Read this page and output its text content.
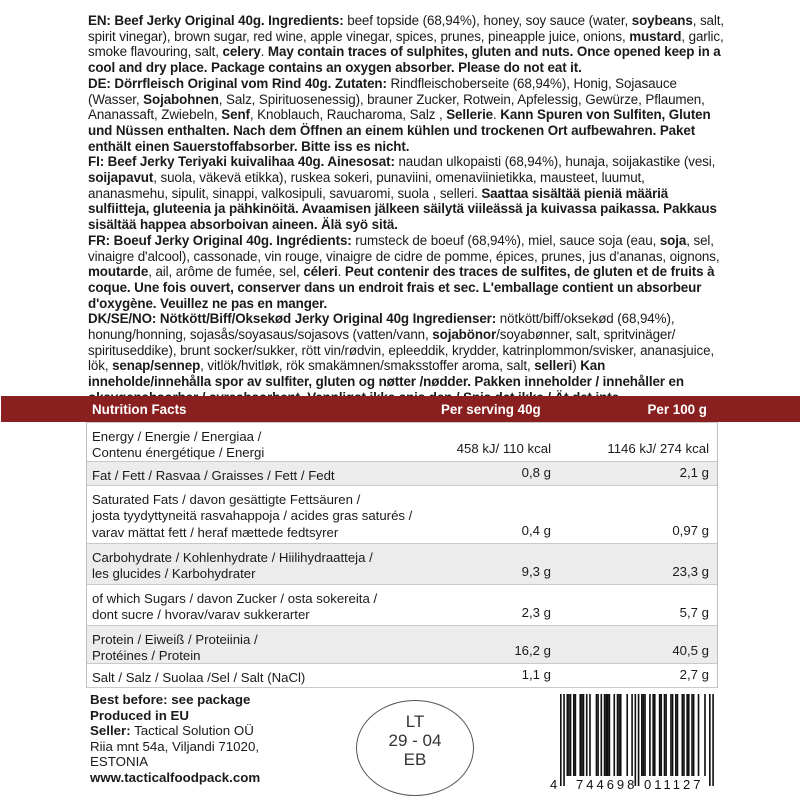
EN: Beef Jerky Original 40g. Ingredients: beef topside (68,94%), honey, soy sauce (water, soybeans, salt, spirit vinegar), brown sugar, red wine, apple vinegar, spices, prunes, pineapple juice, onions, mustard, garlic, smoke flavouring, salt, celery. May contain traces of sulphites, gluten and nuts. Once opened keep in a cool and dry place. Package contains an oxygen absorber. Please do not eat it.

DE: Dörrfleisch Original vom Rind 40g. Zutaten: Rindfleischoberseite (68,94%), Honig, Sojasauce (Wasser, Sojabohnen, Salz, Spirituosenessig), brauner Zucker, Rotwein, Apfelessig, Gewürze, Pflaumen, Ananassaft, Zwiebeln, Senf, Knoblauch, Raucharoma, Salz , Sellerie. Kann Spuren von Sulfiten, Gluten und Nüssen enthalten. Nach dem Öffnen an einem kühlen und trockenen Ort aufbewahren. Paket enthält einen Sauerstoffabsorber. Bitte iss es nicht.

FI: Beef Jerky Teriyaki kuivalihaa 40g. Ainesosat: naudan ulkopaisti (68,94%), hunaja, soijakastike (vesi, soijapavut, suola, väkevä etikka), ruskea sokeri, punaviini, omenaviinietikka, mausteet, luumut, ananasmehu, sipulit, sinappi, valkosipuli, savuaromi, suola , selleri. Saattaa sisältää pieniä määriä sulfiitteja, gluteenia ja pähkinöitä. Avaamisen jälkeen säilytä viileässä ja kuivassa paikassa. Pakkaus sisältää happea absorboivan aineen. Älä syö sitä.

FR: Boeuf Jerky Original 40g. Ingrédients: rumsteck de boeuf (68,94%), miel, sauce soja (eau, soja, sel, vinaigre d'alcool), cassonade, vin rouge, vinaigre de cidre de pomme, épices, prunes, jus d'ananas, oignons, moutarde, ail, arôme de fumée, sel, céleri. Peut contenir des traces de sulfites, de gluten et de fruits à coque. Une fois ouvert, conserver dans un endroit frais et sec. L'emballage contient un absorbeur d'oxygène. Veuillez ne pas en manger.

DK/SE/NO: Nötkött/Biff/Oksekød Jerky Original 40g Ingredienser: nötkött/biff/oksekød (68,94%), honung/honning, sojasås/soyasaus/sojasovs (vatten/vann, sojabönor/soyabønner, salt, spritvinäger/ spirituseddike), brunt socker/sukker, rött vin/rødvin, epleeddik, krydder, katrinplommon/svisker, ananasjuice, lök, senap/sennep, vitlök/hvitløk, rök smakämnen/smaksstoffer aroma, salt, selleri) Kan inneholde/innehålla spor av sulfiter, gluten og nøtter /nødder. Pakken inneholder / innehåller en

Nutrition Facts	Per serving 40g	Per 100 g
Energy / Energie / Energiaa /
Contenu énergétique / Energi	458 kJ/ 110 kcal	1146 kJ/ 274 kcal
Fat / Fett / Rasvaa / Graisses / Fett / Fedt	0,8 g	2,1 g
Saturated Fats / davon gesättigte Fettsäuren /
josta tyydyttyneitä rasvahappoja / acides gras saturés /
varav mättat fett / heraf mættede fedtsyrer	0,4 g	0,97 g
Carbohydrate / Kohlenhydrate / Hiilihydraatteja /
les glucides / Karbohydrater	9,3 g	23,3 g
of which Sugars / davon Zucker / osta sokereita /
dont sucre / hvorav/varav sukkerarter	2,3 g	5,7 g
Protein / Eiweiß / Proteiinia /
Protéines / Protein	16,2 g	40,5 g
Salt / Salz / Suolaa /Sel / Salt (NaCl)	1,1 g	2,7 g
Best before: see package
Produced in EU
Seller: Tactical Solution OÜ
Riia mnt 54a, Viljandi 71020,
ESTONIA
www.tacticalfoodpack.com
LT
29 - 04
EB
4 744698 011127
